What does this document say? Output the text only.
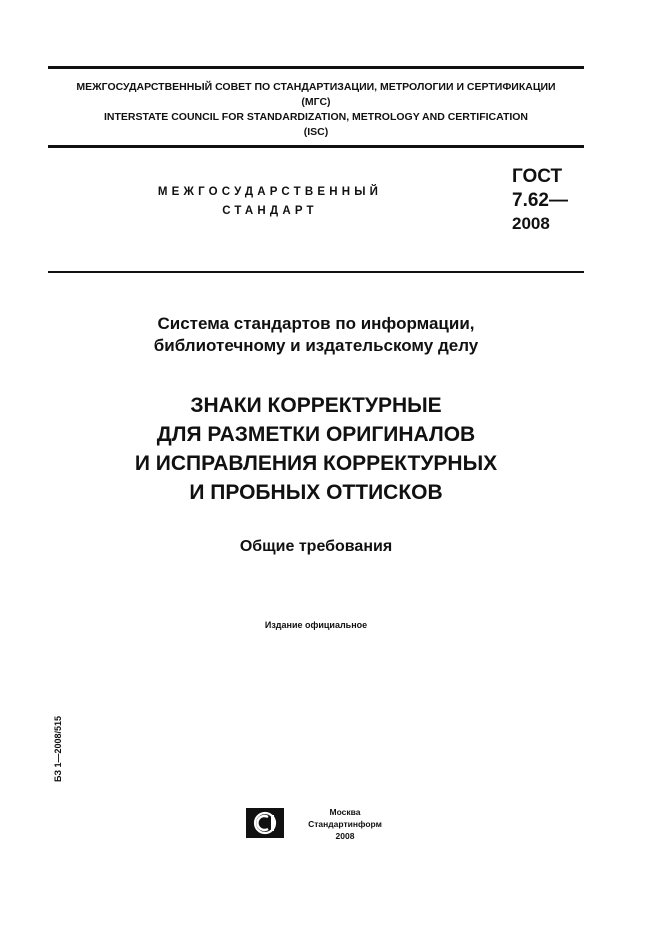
МЕЖГОСУДАРСТВЕННЫЙ СОВЕТ ПО СТАНДАРТИЗАЦИИ, МЕТРОЛОГИИ И СЕРТИФИКАЦИИ
(МГС)
INTERSTATE COUNCIL FOR STANDARDIZATION, METROLOGY AND CERTIFICATION
(ISC)
МЕЖГОСУДАРСТВЕННЫЙ
СТАНДАРТ
ГОСТ
7.62—
2008
Система стандартов по информации,
библиотечному и издательскому делу
ЗНАКИ КОРРЕКТУРНЫЕ
ДЛЯ РАЗМЕТКИ ОРИГИНАЛОВ
И ИСПРАВЛЕНИЯ КОРРЕКТУРНЫХ
И ПРОБНЫХ ОТТИСКОВ
Общие требования
Издание официальное
БЗ 1—2008/515
Москва
Стандартинформ
2008
